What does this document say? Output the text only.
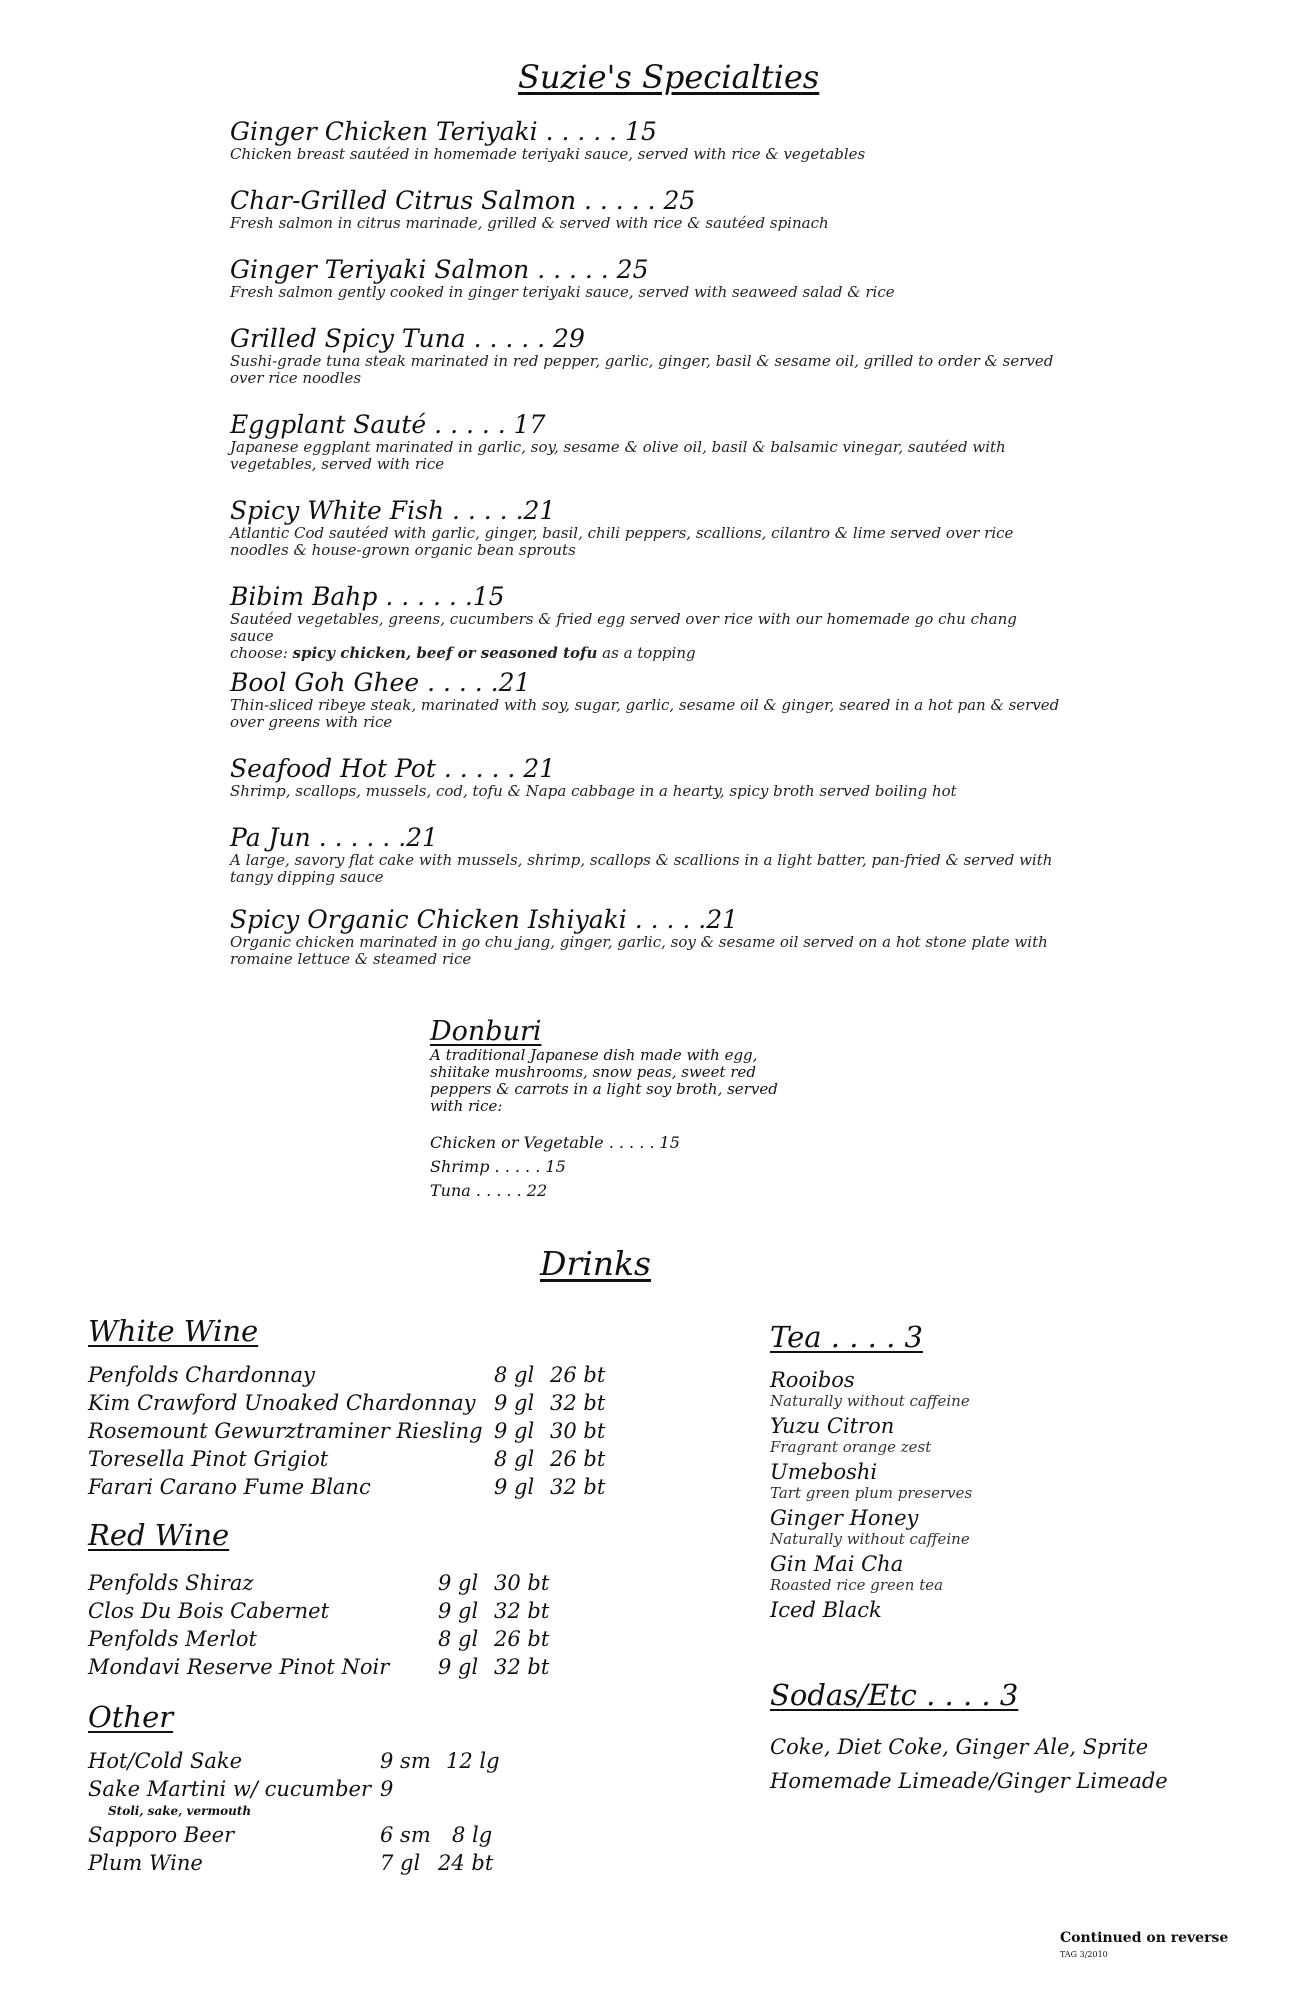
Suzie's Specialties
Ginger Chicken Teriyaki . . . . . 15
Chicken breast sautéed in homemade teriyaki sauce, served with rice & vegetables
Char-Grilled Citrus Salmon . . . . . 25
Fresh salmon in citrus marinade, grilled & served with rice & sautéed spinach
Ginger Teriyaki Salmon . . . . . 25
Fresh salmon gently cooked in ginger teriyaki sauce, served with seaweed salad & rice
Grilled Spicy Tuna . . . . . 29
Sushi-grade tuna steak marinated in red pepper, garlic, ginger, basil & sesame oil, grilled to order & served over rice noodles
Eggplant Sauté . . . . . 17
Japanese eggplant marinated in garlic, soy, sesame & olive oil, basil & balsamic vinegar, sautéed with vegetables, served with rice
Spicy White Fish . . . . .21
Atlantic Cod sautéed with garlic, ginger, basil, chili peppers, scallions, cilantro & lime served over rice noodles & house-grown organic bean sprouts
Bibim Bahp . . . . . .15
Sautéed vegetables, greens, cucumbers & fried egg served over rice with our homemade go chu chang sauce
choose: spicy chicken, beef or seasoned tofu as a topping
Bool Goh Ghee . . . . .21
Thin-sliced ribeye steak, marinated with soy, sugar, garlic, sesame oil & ginger, seared in a hot pan & served over greens with rice
Seafood Hot Pot . . . . . 21
Shrimp, scallops, mussels, cod, tofu & Napa cabbage in a hearty, spicy broth served boiling hot
Pa Jun . . . . . .21
A large, savory flat cake with mussels, shrimp, scallops & scallions in a light batter, pan-fried & served with tangy dipping sauce
Spicy Organic Chicken Ishiyaki . . . . .21
Organic chicken marinated in go chu jang, ginger, garlic, soy & sesame oil served on a hot stone plate with romaine lettuce & steamed rice
Donburi
A traditional Japanese dish made with egg, shiitake mushrooms, snow peas, sweet red peppers & carrots in a light soy broth, served with rice:
Chicken or Vegetable . . . . . 15
Shrimp . . . . . 15
Tuna . . . . . 22
Drinks
White Wine
Penfolds Chardonnay	8 gl 26 bt
Kim Crawford Unoaked Chardonnay 9 gl 32 bt
Rosemount Gewurztraminer Riesling 9 gl 30 bt
Toresella Pinot Grigiot	8 gl 26 bt
Farari Carano Fume Blanc	9 gl 32 bt
Red Wine
Penfolds Shiraz	9 gl 30 bt
Clos Du Bois Cabernet	9 gl 32 bt
Penfolds Merlot	8 gl 26 bt
Mondavi Reserve Pinot Noir 9 gl 32 bt
Other
Hot/Cold Sake	9 sm 12 lg
Sake Martini w/ cucumber 9
Stoli, sake, vermouth
Sapporo Beer	6 sm 8 lg
Plum Wine	7 gl 24 bt
Tea . . . . 3
Rooibos
Naturally without caffeine
Yuzu Citron
Fragrant orange zest
Umeboshi
Tart green plum preserves
Ginger Honey
Naturally without caffeine
Gin Mai Cha
Roasted rice green tea
Iced Black
Sodas/Etc . . . . 3
Coke, Diet Coke, Ginger Ale, Sprite
Homemade Limeade/Ginger Limeade
Continued on reverse
TAG 3/2010
